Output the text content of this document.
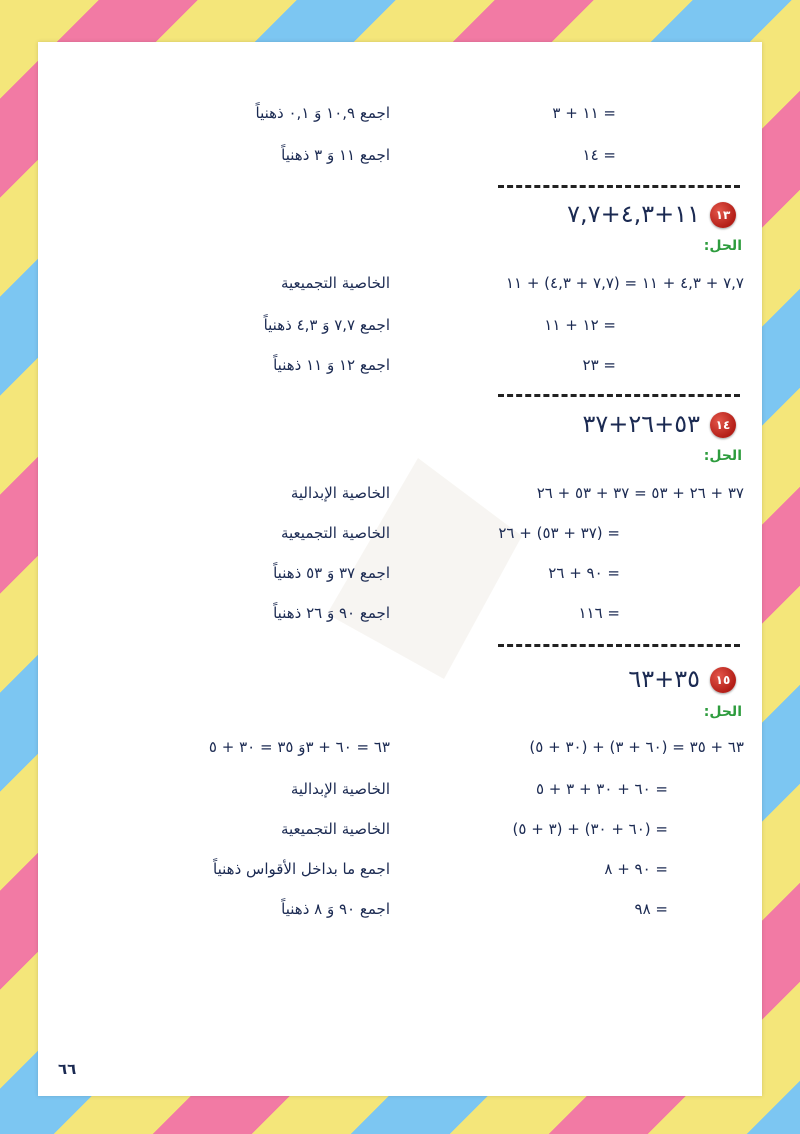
= ١١ + ٣
اجمع ١٠,٩ وَ ٠,١ ذهنياً
= ١٤
اجمع ١١ وَ ٣ ذهنياً
١٣
١١+٤,٣+٧,٧
الحل:
٧,٧ + ٤,٣ + ١١ = (٧,٧ + ٤,٣) + ١١
الخاصية التجميعية
= ١٢ + ١١
اجمع ٧,٧ وَ ٤,٣ ذهنياً
= ٢٣
اجمع ١٢ وَ ١١ ذهنياً
١٤
٥٣+٢٦+٣٧
الحل:
٣٧ + ٢٦ + ٥٣ = ٣٧ + ٥٣ + ٢٦
الخاصية الإبدالية
= (٣٧ + ٥٣) + ٢٦
الخاصية التجميعية
= ٩٠ + ٢٦
اجمع ٣٧ وَ ٥٣ ذهنياً
= ١١٦
اجمع ٩٠ وَ ٢٦ ذهنياً
١٥
٣٥+٦٣
الحل:
٦٣ + ٣٥ = (٦٠ + ٣) + (٣٠ + ٥)
٦٣ = ٦٠ + ٣وَ ٣٥ = ٣٠ + ٥
= ٦٠ + ٣٠ + ٣ + ٥
الخاصية الإبدالية
= (٦٠ + ٣٠) + (٣ + ٥)
الخاصية التجميعية
= ٩٠ + ٨
اجمع ما بداخل الأقواس ذهنياً
= ٩٨
اجمع ٩٠ وَ ٨ ذهنياً
٦٦
